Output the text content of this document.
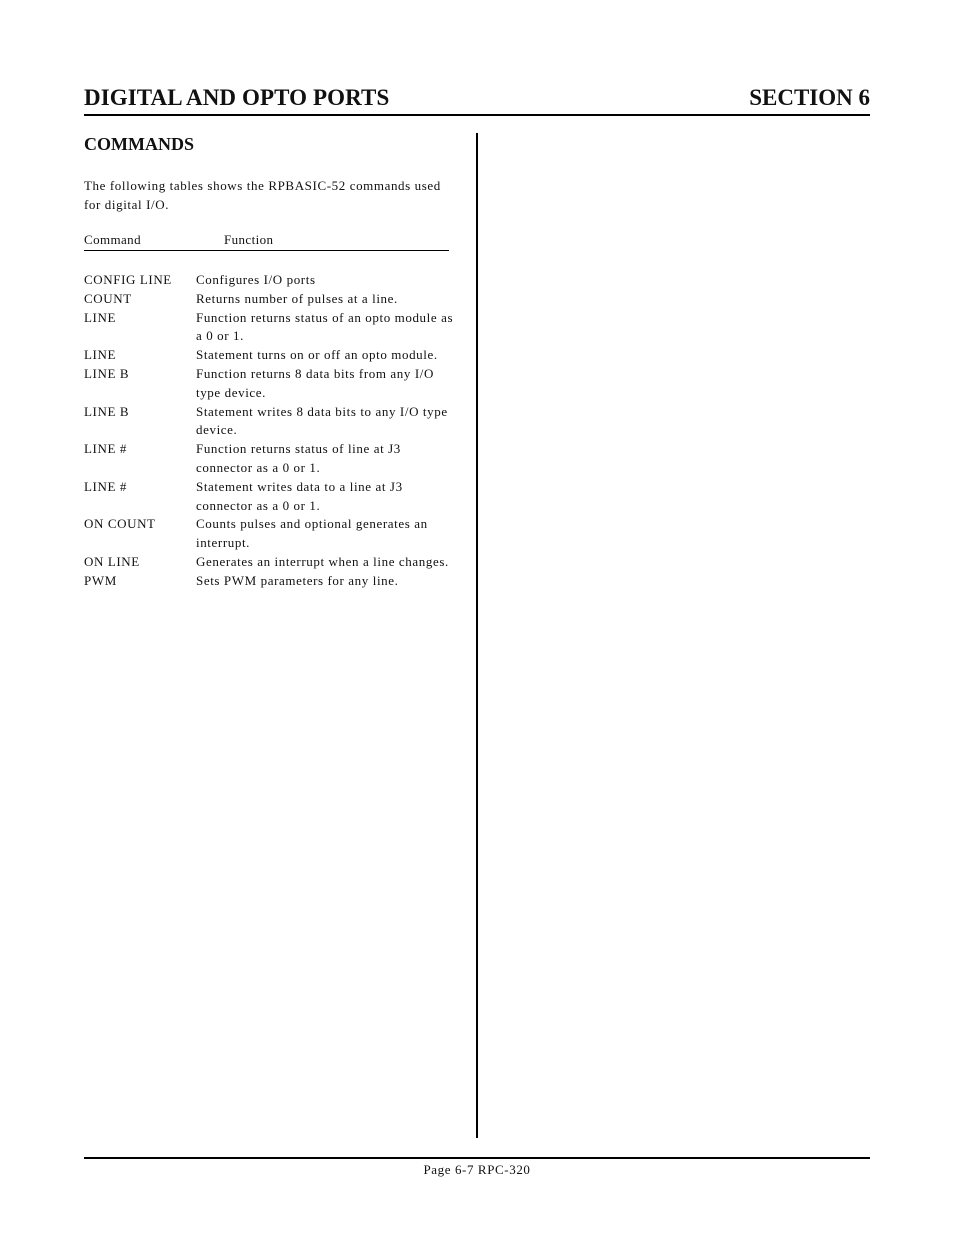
DIGITAL AND OPTO PORTS	SECTION 6
COMMANDS
The following tables shows the RPBASIC-52 commands used for digital I/O.
Command	Function
CONFIG LINE	Configures I/O ports
COUNT	Returns number of pulses at a line.
LINE	Function returns status of an opto module as a 0 or 1.
LINE	Statement turns on or off an opto module.
LINE B	Function returns 8 data bits from any I/O type device.
LINE B	Statement writes 8 data bits to any I/O type device.
LINE #	Function returns status of line at J3 connector as a 0 or 1.
LINE #	Statement writes data to a line at J3 connector as a 0 or 1.
ON COUNT	Counts pulses and optional generates an interrupt.
ON LINE	Generates an interrupt when a line changes.
PWM	Sets PWM parameters for any line.
Page 6-7 RPC-320
